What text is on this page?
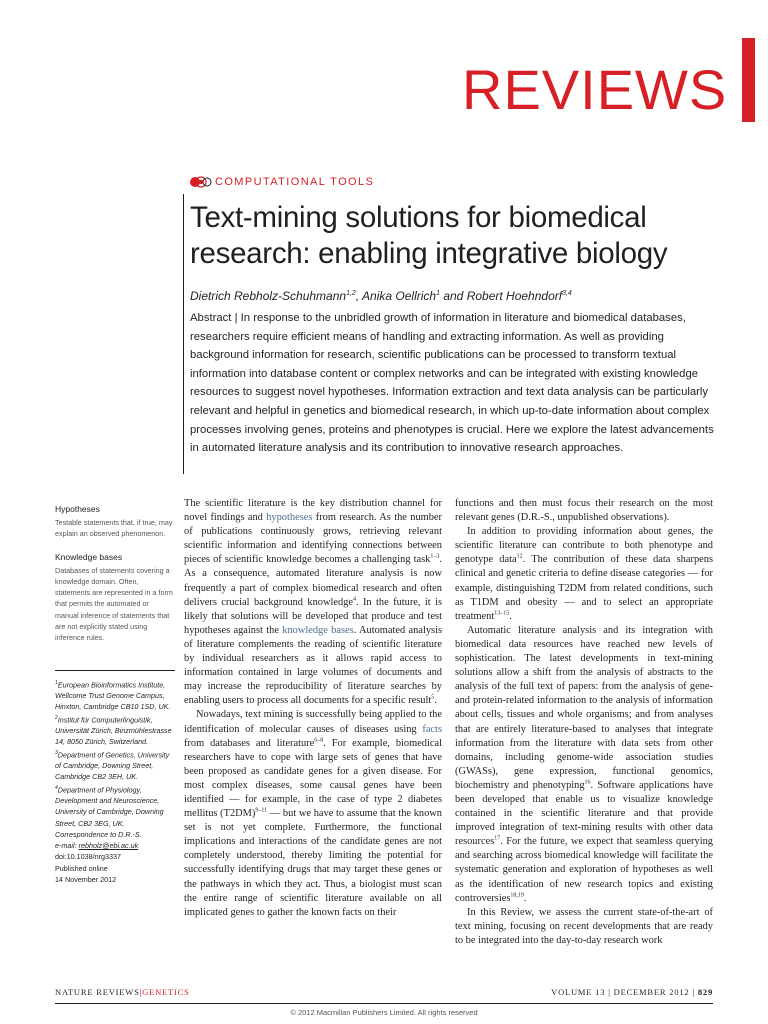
REVIEWS
COMPUTATIONAL TOOLS
Text-mining solutions for biomedical research: enabling integrative biology
Dietrich Rebholz-Schuhmann$^{1,2}$, Anika Oellrich$^1$ and Robert Hoehndorf$^{3,4}$
Abstract | In response to the unbridled growth of information in literature and biomedical databases, researchers require efficient means of handling and extracting information. As well as providing background information for research, scientific publications can be processed to transform textual information into database content or complex networks and can be integrated with existing knowledge resources to suggest novel hypotheses. Information extraction and text data analysis can be particularly relevant and helpful in genetics and biomedical research, in which up-to-date information about complex processes involving genes, proteins and phenotypes is crucial. Here we explore the latest advancements in automated literature analysis and its contribution to innovative research approaches.

Hypotheses

Testable statements that, if true, may explain an observed phenomenon.

Knowledge bases

Databases of statements covering a knowledge domain. Often, statements are represented in a form that permits the automated or manual inference of statements that are not explicitly stated using inference rules.

$^1$European Bioinformatics Institute, Wellcome Trust Genome Campus, Hinxton, Cambridge CB10 1SD, UK.
$^2$Institut für Computerlinguistik, Universität Zürich, Binzmühlestrasse 14, 8050 Zürich, Switzerland.
$^3$Department of Genetics, University of Cambridge, Downing Street, Cambridge CB2 3EH, UK.
$^4$Department of Physiology, Development and Neuroscience, University of Cambridge, Downing Street, CB2 3EG, UK.
Correspondence to D.R.-S.
e-mail: rebholz@ebi.ac.uk
doi:10.1038/nrg3337
Published online
14 November 2012

The scientific literature is the key distribution channel for novel findings and hypotheses from research. As the number of publications continuously grows, retrieving relevant scientific information and identifying connections between pieces of scientific knowledge becomes a challenging task$^{1-3}$. As a consequence, automated literature analysis is now frequently a part of complex biomedical research and often delivers crucial background knowledge$^4$. In the future, it is likely that solutions will be developed that produce and test hypotheses against the knowledge bases. Automated analysis of literature complements the reading of scientific literature by individual researchers as it allows rapid access to information contained in large volumes of documents and may increase the reproducibility of literature searches by enabling users to process all documents for a specific result$^5$.

Nowadays, text mining is successfully being applied to the identification of molecular causes of diseases using facts from databases and literature$^{6-8}$. For example, biomedical researchers have to cope with large sets of genes that have been proposed as candidate genes for a given disease. For most complex diseases, some causal genes have been identified — for example, in the case of type 2 diabetes mellitus $(T2DM)^{9-11}$ — but we have to assume that the known set is not yet complete. Furthermore, the functional implications and interactions of the candidate genes are not completely understood, thereby limiting the potential for successfully identifying drugs that may target these genes or the pathways in which they act. Thus, a biologist must scan the entire range of scientific literature available on all implicated genes to gather the known facts on their

functions and then must focus their research on the most relevant genes (D.R.-S., unpublished observations).

In addition to providing information about genes, the scientific literature can contribute to both phenotype and genotype data$^{12}$. The contribution of these data sharpens clinical and genetic criteria to define disease categories — for example, distinguishing T2DM from related conditions, such as T1DM and obesity — and to select an appropriate treatment$^{13-15}$.

Automatic literature analysis and its integration with biomedical data resources have reached new levels of sophistication. The latest developments in text-mining solutions allow a shift from the analysis of abstracts to the analysis of the full text of papers: from the analysis of gene- and protein-related information to the analysis of information about cells, tissues and whole organisms; and from analyses that are entirely literature-based to analyses that integrate information from the literature with data sets from other domains, including genome-wide association studies (GWASs), gene expression, functional genomics, biochemistry and phenotyping$^{16}$. Software applications have been developed that enable us to visualize knowledge contained in the scientific literature and that provide improved integration of text-mining results with other data resources$^{17}$. For the future, we expect that seamless querying and searching across biomedical knowledge will facilitate the systematic generation and exploration of hypotheses as well as the identification of new research topics and existing controversies$^{18,19}$.

In this Review, we assess the current state-of-the-art of text mining, focusing on recent developments that are ready to be integrated into the day-to-day research work

NATURE REVIEWS|GENETICS	VOLUME 13 | DECEMBER 2012 | 829
© 2012 Macmillan Publishers Limited. All rights reserved
